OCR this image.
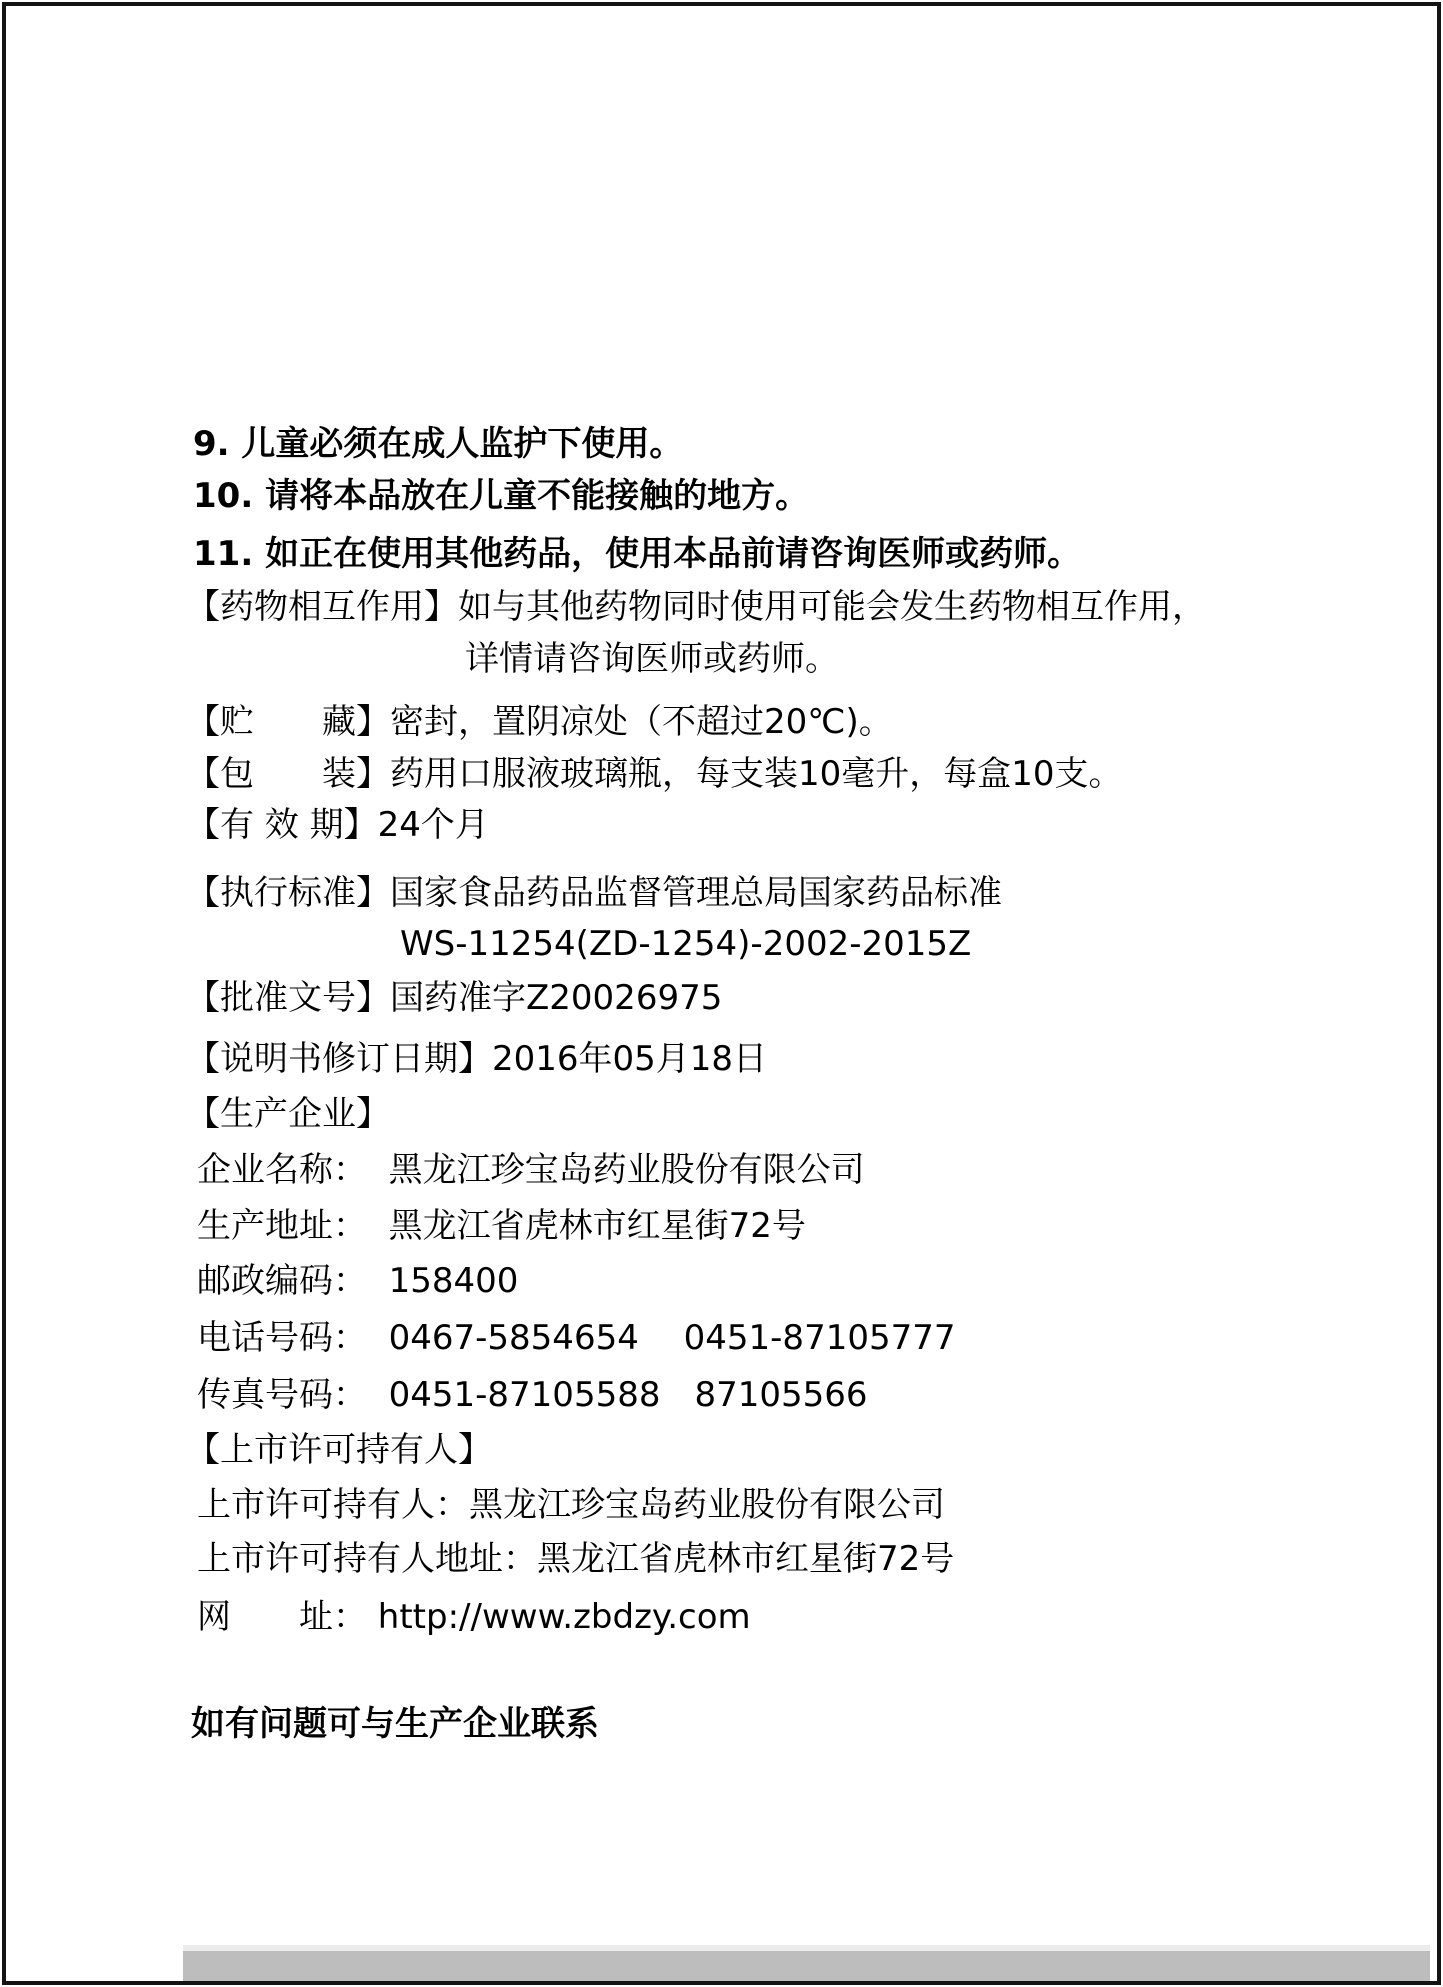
9. 儿童必须在成人监护下使用。
10. 请将本品放在儿童不能接触的地方。
11. 如正在使用其他药品，使用本品前请咨询医师或药师。
【药物相互作用】如与其他药物同时使用可能会发生药物相互作用，
详情请咨询医师或药师。
【贮　　藏】密封，置阴凉处（不超过20℃)。
【包　　装】药用口服液玻璃瓶，每支装10毫升，每盒10支。
【有 效 期】24个月
【执行标准】国家食品药品监督管理总局国家药品标准
WS-11254(ZD-1254)-2002-2015Z
【批准文号】国药准字Z20026975
【说明书修订日期】2016年05月18日
【生产企业】
企业名称：  黑龙江珍宝岛药业股份有限公司
生产地址：  黑龙江省虎林市红星街72号
邮政编码：  158400
电话号码：  0467-5854654　 0451-87105777
传真号码：  0451-87105588　87105566
【上市许可持有人】
上市许可持有人：黑龙江珍宝岛药业股份有限公司
上市许可持有人地址：黑龙江省虎林市红星街72号
网　　址： http://www.zbdzy.com
如有问题可与生产企业联系
